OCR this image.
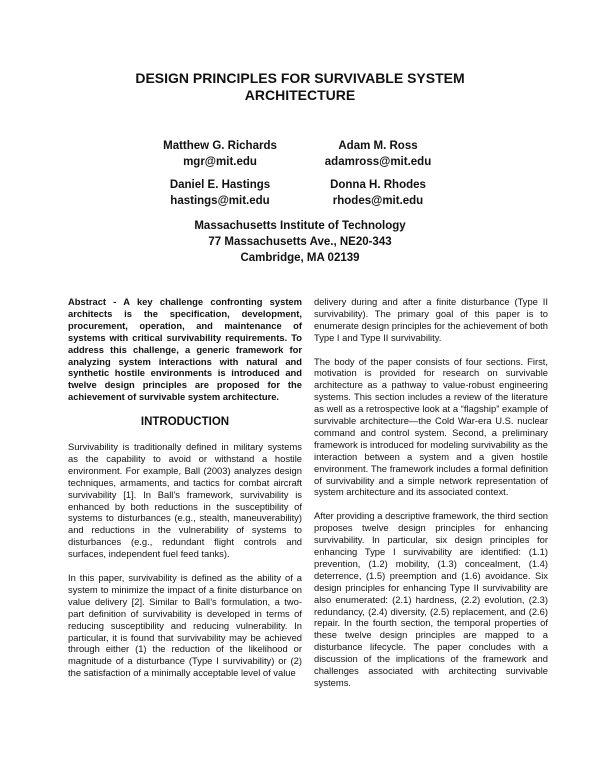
DESIGN PRINCIPLES FOR SURVIVABLE SYSTEM ARCHITECTURE
Matthew G. Richards
mgr@mit.edu
Adam M. Ross
adamross@mit.edu
Daniel E. Hastings
hastings@mit.edu
Donna H. Rhodes
rhodes@mit.edu
Massachusetts Institute of Technology
77 Massachusetts Ave., NE20-343
Cambridge, MA 02139

Abstract - A key challenge confronting system architects is the specification, development, procurement, operation, and maintenance of systems with critical survivability requirements. To address this challenge, a generic framework for analyzing system interactions with natural and synthetic hostile environments is introduced and twelve design principles are proposed for the achievement of survivable system architecture.

INTRODUCTION

Survivability is traditionally defined in military systems as the capability to avoid or withstand a hostile environment. For example, Ball (2003) analyzes design techniques, armaments, and tactics for combat aircraft survivability [1]. In Ball’s framework, survivability is enhanced by both reductions in the susceptibility of systems to disturbances (e.g., stealth, maneuverability) and reductions in the vulnerability of systems to disturbances (e.g., redundant flight controls and surfaces, independent fuel feed tanks).

In this paper, survivability is defined as the ability of a system to minimize the impact of a finite disturbance on value delivery [2]. Similar to Ball’s formulation, a two-part definition of survivability is developed in terms of reducing susceptibility and reducing vulnerability. In particular, it is found that survivability may be achieved through either (1) the reduction of the likelihood or magnitude of a disturbance (Type I survivability) or (2) the satisfaction of a minimally acceptable level of value

delivery during and after a finite disturbance (Type II survivability). The primary goal of this paper is to enumerate design principles for the achievement of both Type I and Type II survivability.

The body of the paper consists of four sections. First, motivation is provided for research on survivable architecture as a pathway to value-robust engineering systems. This section includes a review of the literature as well as a retrospective look at a “flagship” example of survivable architecture—the Cold War-era U.S. nuclear command and control system. Second, a preliminary framework is introduced for modeling survivability as the interaction between a system and a given hostile environment. The framework includes a formal definition of survivability and a simple network representation of system architecture and its associated context.

After providing a descriptive framework, the third section proposes twelve design principles for enhancing survivability. In particular, six design principles for enhancing Type I survivability are identified: (1.1) prevention, (1.2) mobility, (1.3) concealment, (1.4) deterrence, (1.5) preemption and (1.6) avoidance. Six design principles for enhancing Type II survivability are also enumerated: (2.1) hardness, (2.2) evolution, (2.3) redundancy, (2.4) diversity, (2.5) replacement, and (2.6) repair. In the fourth section, the temporal properties of these twelve design principles are mapped to a disturbance lifecycle. The paper concludes with a discussion of the implications of the framework and challenges associated with architecting survivable systems.
